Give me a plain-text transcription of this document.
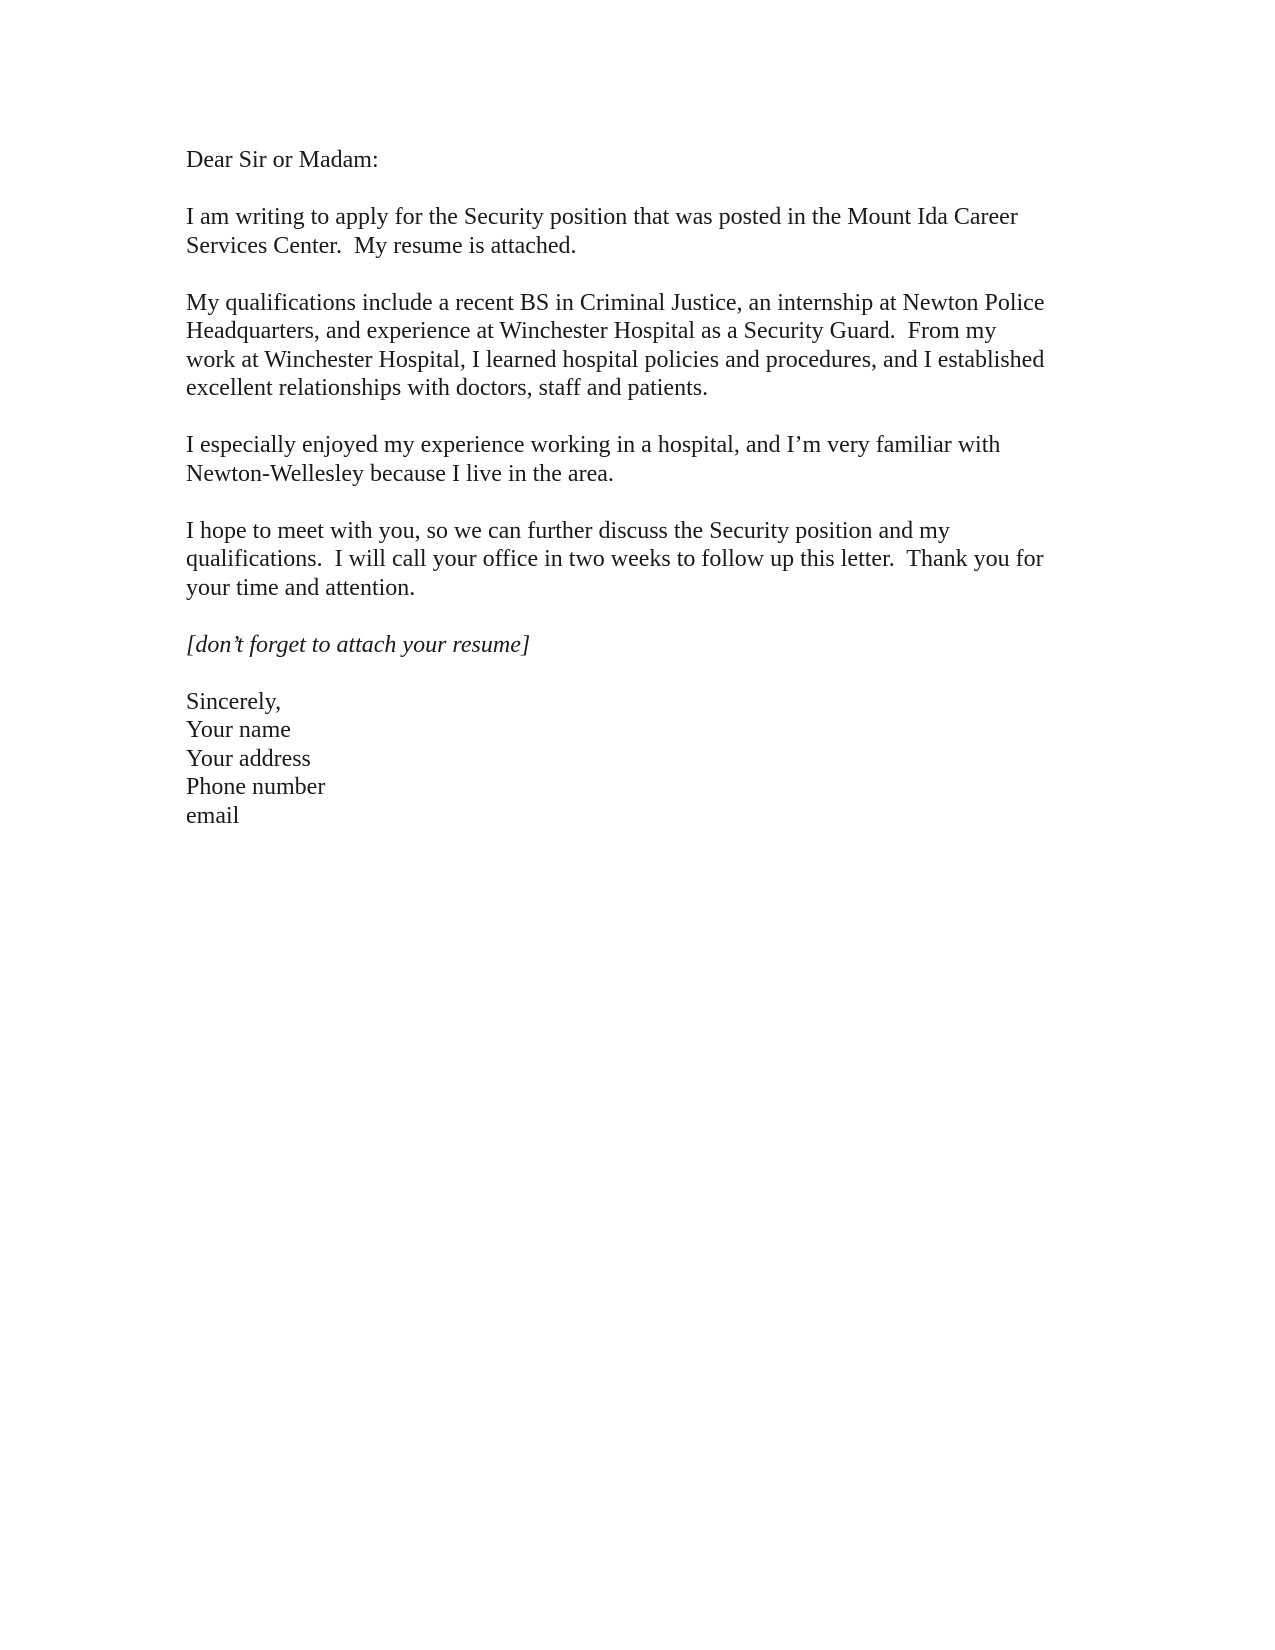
Dear Sir or Madam:
I am writing to apply for the Security position that was posted in the Mount Ida Career
Services Center.  My resume is attached.
My qualifications include a recent BS in Criminal Justice, an internship at Newton Police
Headquarters, and experience at Winchester Hospital as a Security Guard.  From my
work at Winchester Hospital, I learned hospital policies and procedures, and I established
excellent relationships with doctors, staff and patients.
I especially enjoyed my experience working in a hospital, and I’m very familiar with
Newton-Wellesley because I live in the area.
I hope to meet with you, so we can further discuss the Security position and my
qualifications.  I will call your office in two weeks to follow up this letter.  Thank you for
your time and attention.
[don’t forget to attach your resume]
Sincerely,
Your name
Your address
Phone number
email
